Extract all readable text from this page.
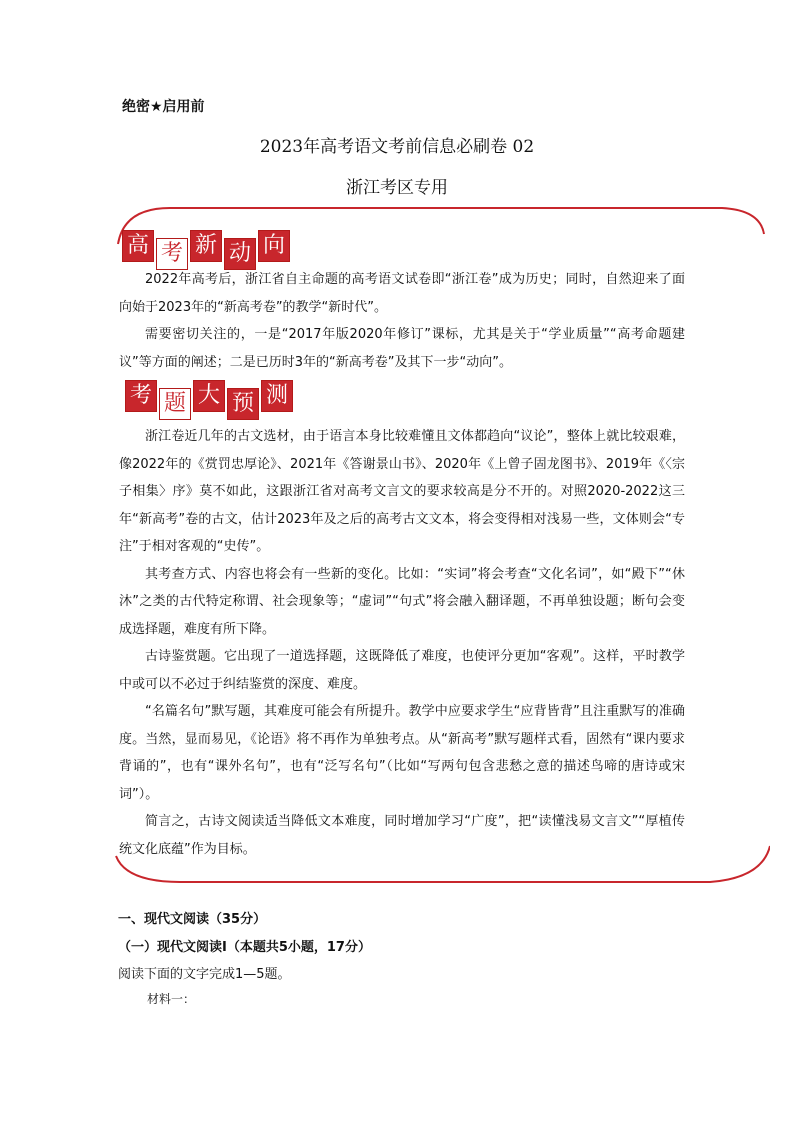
绝密★启用前
2023年高考语文考前信息必刷卷 02
浙江考区专用
高 考 新 动 向

2022年高考后，浙江省自主命题的高考语文试卷即“浙江卷”成为历史；同时，自然迎来了面向始于2023年的“新高考卷”的教学“新时代”。

需要密切关注的，一是“2017年版2020年修订”课标，尤其是关于“学业质量”“高考命题建议”等方面的阐述；二是已历时3年的“新高考卷”及其下一步“动向”。

考 题 大 预 测

浙江卷近几年的古文选材，由于语言本身比较难懂且文体都趋向“议论”，整体上就比较艰难，像2022年的《赏罚忠厚论》、2021年《答谢景山书》、2020年《上曾子固龙图书》、2019年《〈宗子相集〉序》莫不如此，这跟浙江省对高考文言文的要求较高是分不开的。对照2020-2022这三年“新高考”卷的古文，估计2023年及之后的高考古文文本，将会变得相对浅易一些，文体则会“专注”于相对客观的“史传”。

其考查方式、内容也将会有一些新的变化。比如：“实词”将会考查“文化名词”，如“殿下”“休沐”之类的古代特定称谓、社会现象等；“虚词”“句式”将会融入翻译题，不再单独设题；断句会变成选择题，难度有所下降。

古诗鉴赏题。它出现了一道选择题，这既降低了难度，也使评分更加“客观”。这样，平时教学中或可以不必过于纠结鉴赏的深度、难度。

“名篇名句”默写题，其难度可能会有所提升。教学中应要求学生“应背皆背”且注重默写的准确度。当然，显而易见，《论语》将不再作为单独考点。从“新高考”默写题样式看，固然有“课内要求背诵的”，也有“课外名句”，也有“泛写名句”（比如“写两句包含悲愁之意的描述鸟啼的唐诗或宋词”）。

简言之，古诗文阅读适当降低文本难度，同时增加学习“广度”，把“读懂浅易文言文”“厚植传统文化底蕴”作为目标。

一、现代文阅读（35分）
（一）现代文阅读Ⅰ（本题共5小题，17分）
阅读下面的文字完成1—5题。
材料一：
